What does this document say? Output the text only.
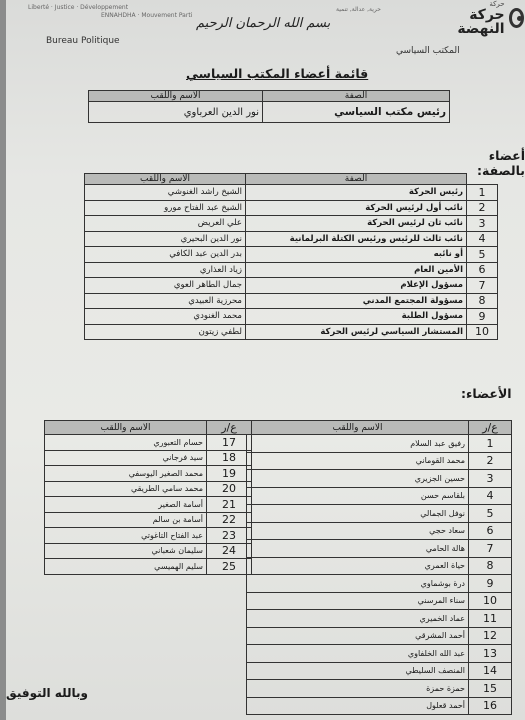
حركة
حركة النهضة
حرية, عدالة, تنمية
Liberté · Justice · Développement
ENNAHDHA · Mouvement Parti
بسم الله الرحمان الرحيم
Bureau Politique
المكتب السياسي
قائمة أعضاء المكتب السياسي
الصفة	الاسم واللقب
رئيس مكتب السياسي	نور الدين العرباوي
أعضاء بالصفة:
	الصفة	الاسم واللقب
1	رئيس الحركة	الشيخ راشد الغنوشي
2	نائب أول لرئيس الحركة	الشيخ عبد الفتاح مورو
3	نائب ثان لرئيس الحركة	علي العريض
4	نائب ثالث للرئيس ورئيس الكتلة البرلمانية	نور الدين البحيري
5	أو نائبه	بدر الدين عبد الكافي
6	الأمين العام	زياد العذاري
7	مسؤول الإعلام	جمال الطاهر العوي
8	مسؤولة المجتمع المدني	محرزية العبيدي
9	مسؤول الطلبة	محمد الغنودي
10	المستشار السياسي لرئيس الحركة	لطفي زيتون
الأعضاء:
ع/ر	الاسم واللقب
1	رفيق عبد السلام
2	محمد القوماني
3	حسين الجزيري
4	بلقاسم حسن
5	نوفل الجمالي
6	سعاد حجي
7	هالة الحامي
8	حياة العمري
9	درة بوشماوي
10	سناء المرسني
11	عماد الخميري
12	أحمد المشرقي
13	عبد الله الخلفاوي
14	المنصف السليطي
15	حمزة حمزة
16	أحمد قعلول
ع/ر	الاسم واللقب
17	حسام التعبوري
18	سيد فرجاني
19	محمد الصغير اليوسفي
20	محمد سامي الطريقي
21	أسامة الصغير
22	أسامة بن سالم
23	عبد الفتاح التاغوتي
24	سليمان شعباني
25	سليم الهميسي
وبالله التوفيق
